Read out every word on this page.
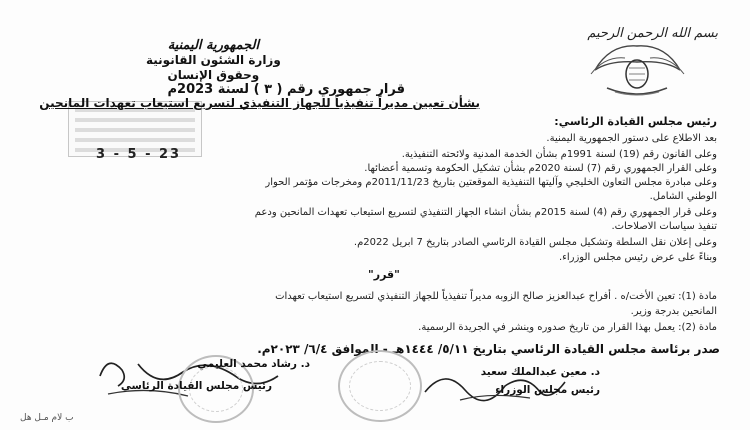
بسم الله الرحمن الرحيم
الجمهورية اليمنية
وزارة الشئون القانونية
وحقوق الإنسان
3 - 5 - 23
قرار جمهوري رقم ( ٣ ) لسنة 2023م
بشأن تعيين مديراً تنفيذياً للجهاز التنفيذي لتسريع استيعاب تعهدات المانحين
رئيس مجلس القيادة الرئاسي:
بعد الاطلاع على دستور الجمهورية اليمنية.
وعلى القانون رقم (19) لسنة 1991م بشأن الخدمة المدنية ولائحته التنفيذية.
وعلى القرار الجمهوري رقم (7) لسنة 2020م بشأن تشكيل الحكومة وتسمية أعضائها.
وعلى مبادرة مجلس التعاون الخليجي وآليتها التنفيذية الموقعتين بتاريخ 2011/11/23م ومخرجات مؤتمر الحوار
الوطني الشامل.
وعلى قرار الجمهوري رقم (4) لسنة 2015م بشأن انشاء الجهاز التنفيذي لتسريع استيعاب تعهدات المانحين ودعم
تنفيذ سياسات الاصلاحات.
وعلى إعلان نقل السلطة وتشكيل مجلس القيادة الرئاسي الصادر بتاريخ 7 ابريل 2022م.
وبناءً على عرض رئيس مجلس الوزراء.
"قرر"
مادة (1): تعين الأخت/ه . أفراح عبدالعزيز صالح الزوبه مديراً تنفيذياً للجهاز التنفيذي لتسريع استيعاب تعهدات
المانحين بدرجة وزير.
مادة (2): يعمل بهذا القرار من تاريخ صدوره وينشر في الجريدة الرسمية.
صدر برئاسة مجلس القيادة الرئاسي بتاريخ ٥/١١/ ١٤٤٤هـ - الموافق ٦/٤/ ٢٠٢٣م.
د. معين عبدالملك سعيد
رئيس مجلس الوزراء
د. رشاد محمد العليمي
رئيس مجلس القيادة الرئاسي
ب لام مـل هل
